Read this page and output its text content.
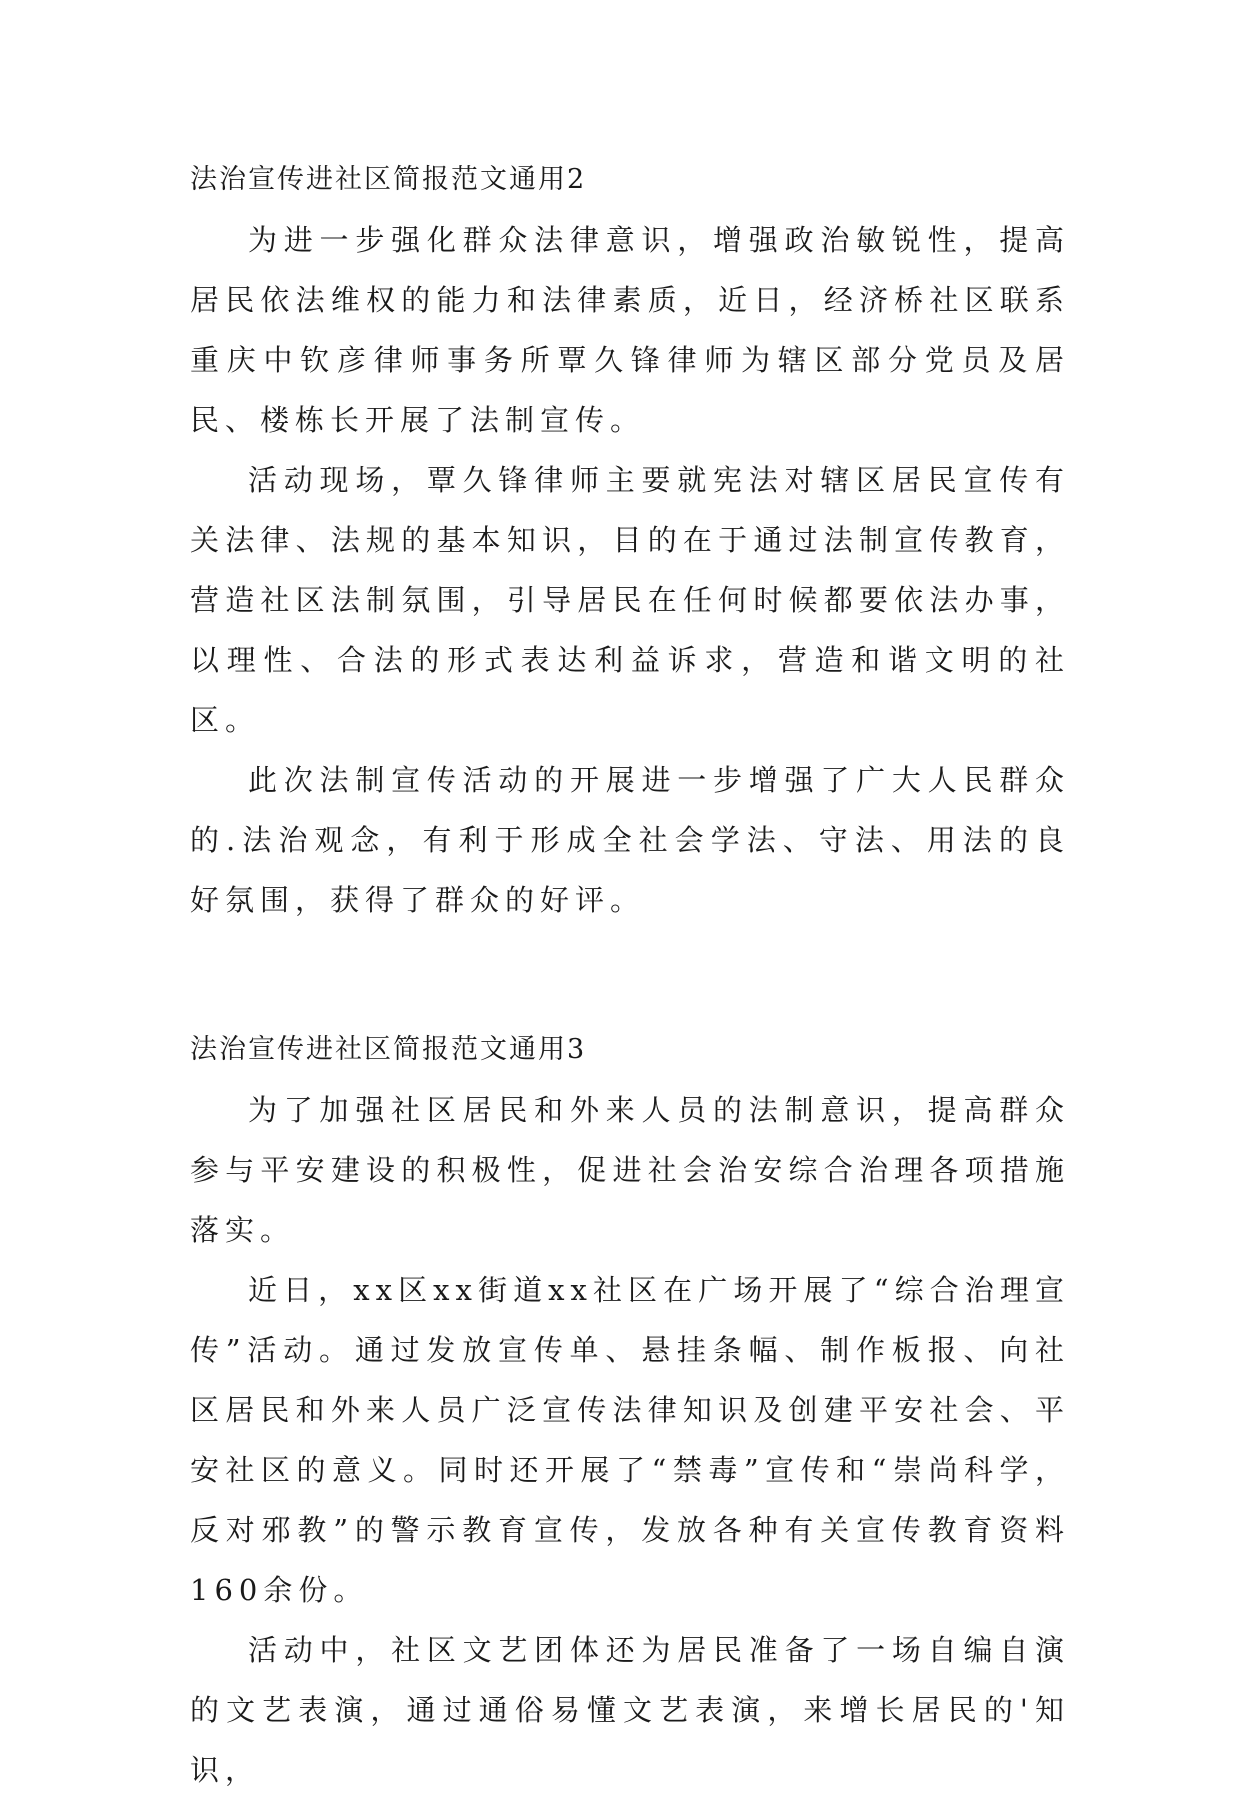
法治宣传进社区简报范文通用2

为进一步强化群众法律意识，增强政治敏锐性，提高居民依法维权的能力和法律素质，近日，经济桥社区联系重庆中钦彦律师事务所覃久锋律师为辖区部分党员及居民、楼栋长开展了法制宣传。

活动现场，覃久锋律师主要就宪法对辖区居民宣传有关法律、法规的基本知识，目的在于通过法制宣传教育，营造社区法制氛围，引导居民在任何时候都要依法办事，以理性、合法的形式表达利益诉求，营造和谐文明的社区。

此次法制宣传活动的开展进一步增强了广大人民群众的.法治观念，有利于形成全社会学法、守法、用法的良好氛围，获得了群众的好评。

法治宣传进社区简报范文通用3

为了加强社区居民和外来人员的法制意识，提高群众参与平安建设的积极性，促进社会治安综合治理各项措施落实。

近日，xx区xx街道xx社区在广场开展了“综合治理宣传”活动。通过发放宣传单、悬挂条幅、制作板报、向社区居民和外来人员广泛宣传法律知识及创建平安社会、平安社区的意义。同时还开展了“禁毒”宣传和“崇尚科学，反对邪教”的警示教育宣传，发放各种有关宣传教育资料160余份。

活动中，社区文艺团体还为居民准备了一场自编自演的文艺表演，通过通俗易懂文艺表演，来增长居民的'知识，
